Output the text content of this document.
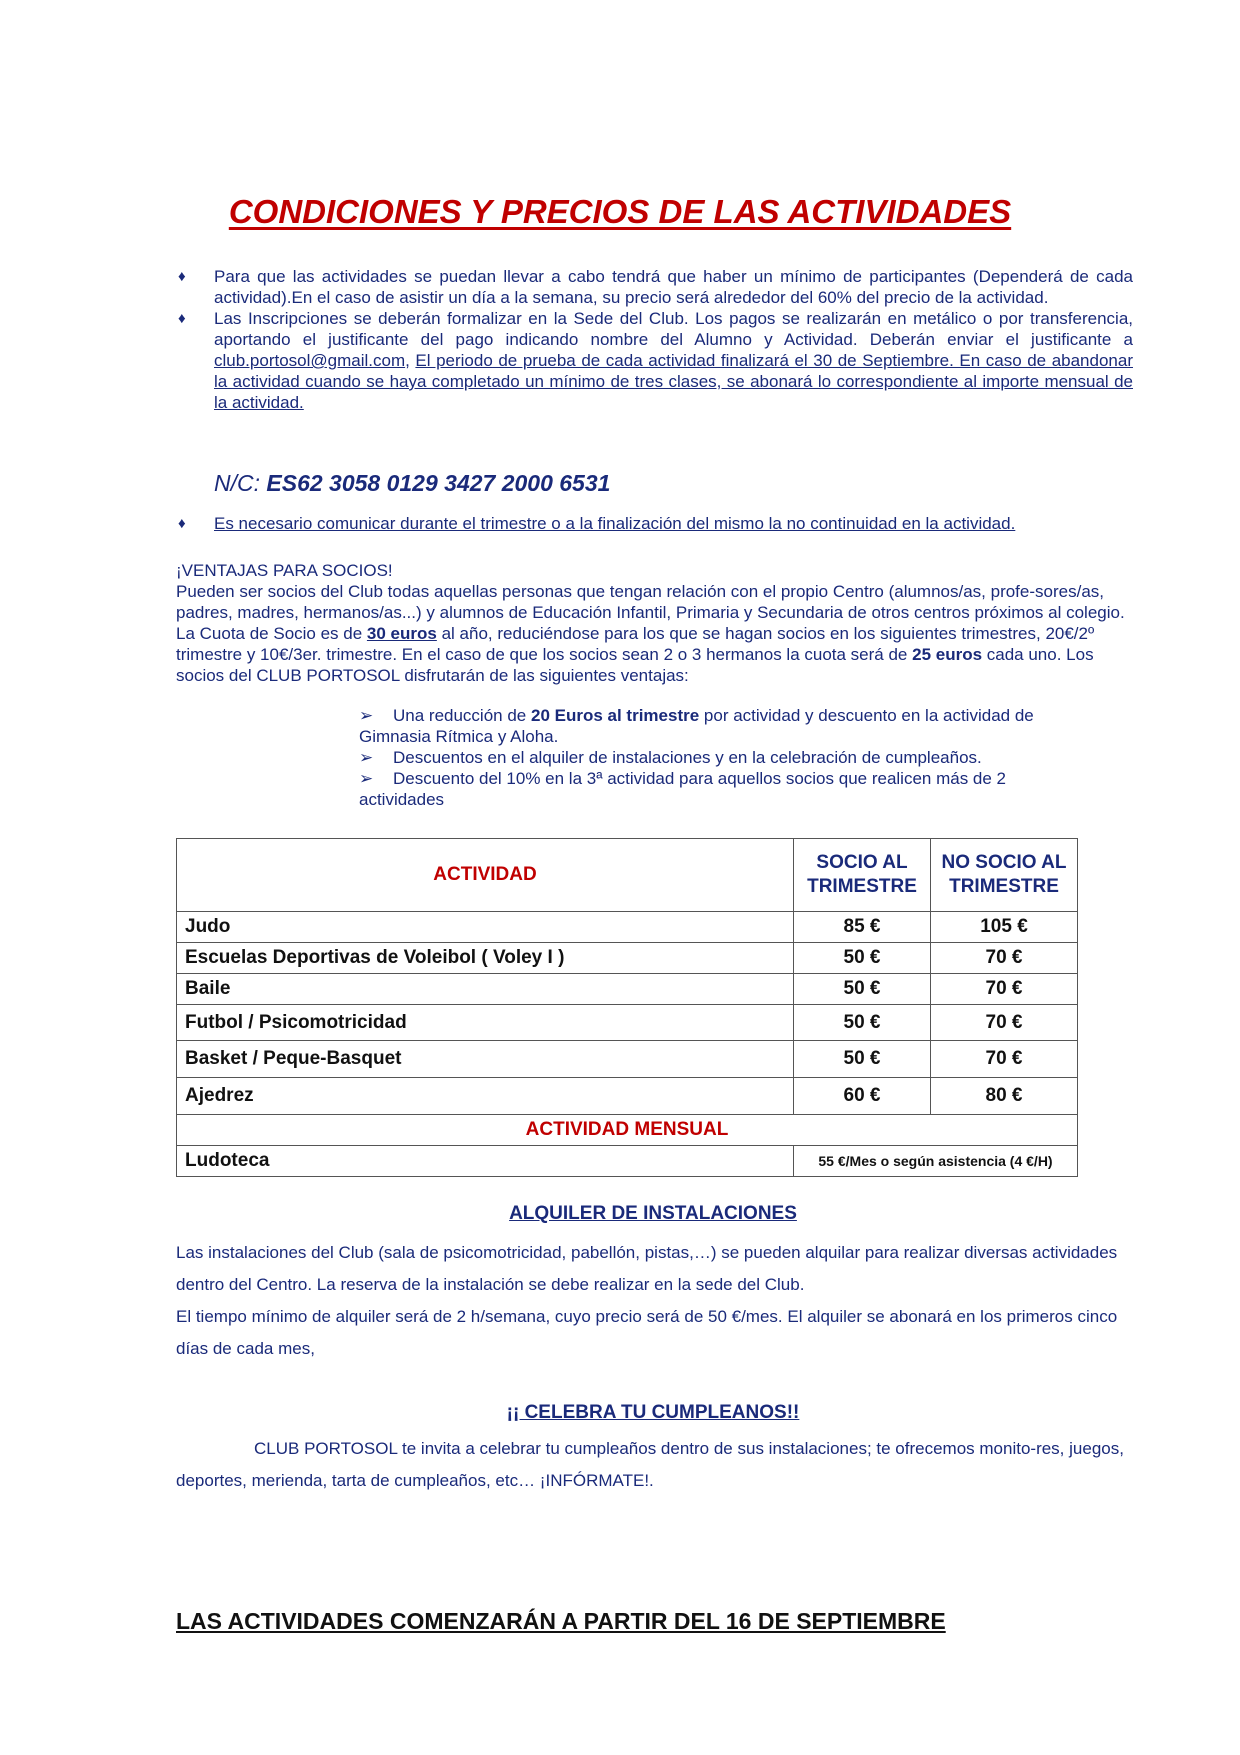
CONDICIONES Y PRECIOS DE LAS ACTIVIDADES
♦ Para que las actividades se puedan llevar a cabo tendrá que haber un mínimo de participantes (Dependerá de cada actividad).En el caso de asistir un día a la semana, su precio será alrededor del 60% del precio de la actividad.
♦ Las Inscripciones se deberán formalizar en la Sede del Club. Los pagos se realizarán en metálico o por transferencia, aportando el justificante del pago indicando nombre del Alumno y Actividad. Deberán enviar el justificante a club.portosol@gmail.com, El periodo de prueba de cada actividad finalizará el 30 de Septiembre. En caso de abandonar la actividad cuando se haya completado un mínimo de tres clases, se abonará lo correspondiente al importe mensual de la actividad.
N/C: ES62 3058 0129 3427 2000 6531
♦ Es necesario comunicar durante el trimestre o a la finalización del mismo la no continuidad en la actividad.

¡VENTAJAS PARA SOCIOS!

Pueden ser socios del Club todas aquellas personas que tengan relación con el propio Centro (alumnos/as, profe-sores/as, padres, madres, hermanos/as...) y alumnos de Educación Infantil, Primaria y Secundaria de otros centros próximos al colegio.

La Cuota de Socio es de 30 euros al año, reduciéndose para los que se hagan socios en los siguientes trimestres, 20€/2º trimestre y 10€/3er. trimestre. En el caso de que los socios sean 2 o 3 hermanos la cuota será de 25 euros cada uno. Los socios del CLUB PORTOSOL disfrutarán de las siguientes ventajas:

➢ Una reducción de 20 Euros al trimestre por actividad y descuento en la actividad de Gimnasia Rítmica y Aloha.
➢ Descuentos en el alquiler de instalaciones y en la celebración de cumpleaños.
➢ Descuento del 10% en la 3ª actividad para aquellos socios que realicen más de 2 actividades
ACTIVIDAD	SOCIO AL TRIMESTRE	NO SOCIO AL TRIMESTRE
Judo	85 €	105 €
Escuelas Deportivas de Voleibol ( Voley I )	50 €	70 €
Baile	50 €	70 €
Futbol / Psicomotricidad	50 €	70 €
Basket / Peque-Basquet	50 €	70 €
Ajedrez	60 €	80 €
ACTIVIDAD MENSUAL		
Ludoteca	55 €/Mes o según asistencia (4 €/H)	
ALQUILER DE INSTALACIONES

Las instalaciones del Club (sala de psicomotricidad, pabellón, pistas,…) se pueden alquilar para realizar diversas actividades dentro del Centro. La reserva de la instalación se debe realizar en la sede del Club.

El tiempo mínimo de alquiler será de 2 h/semana, cuyo precio será de 50 €/mes. El alquiler se abonará en los primeros cinco días de cada mes,

¡¡ CELEBRA TU CUMPLEANOS!!
CLUB PORTOSOL te invita a celebrar tu cumpleaños dentro de sus instalaciones; te ofrecemos monito-res, juegos, deportes, merienda, tarta de cumpleaños, etc… ¡INFÓRMATE!.
LAS ACTIVIDADES COMENZARÁN A PARTIR DEL 16 DE SEPTIEMBRE
